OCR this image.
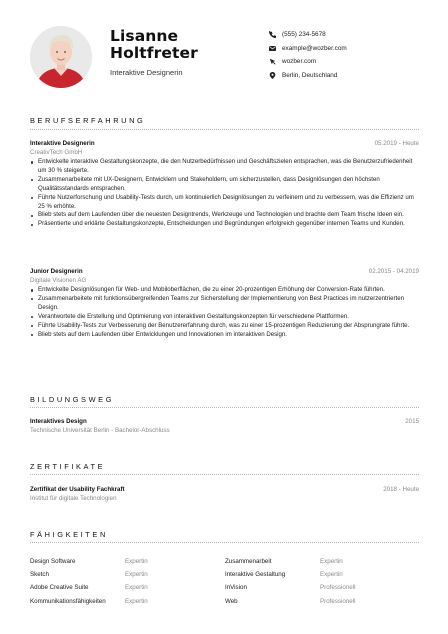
Lisanne
Holtfreter
Interaktive Designerin
(555) 234-5678
example@wozber.com
wozber.com
Berlin, Deutschland
BERUFSERFAHRUNG
Interaktive Designerin	05.2019 - Heute
CreativTech GmbH
Entwickelte interaktive Gestaltungskonzepte, die den Nutzerbedürfnissen und Geschäftszielen entsprachen, was die Benutzerzufriedenheit um 30 % steigerte.
Zusammenarbeitete mit UX-Designern, Entwicklern und Stakeholdern, um sicherzustellen, dass Designlösungen den höchsten Qualitätsstandards entsprachen.
Führte Nutzerforschung und Usability-Tests durch, um kontinuierlich Designlösungen zu verfeinern und zu verbessern, was die Effizienz um 25 % erhöhte.
Blieb stets auf dem Laufenden über die neuesten Designtrends, Werkzeuge und Technologien und brachte dem Team frische Ideen ein.
Präsentierte und erklärte Gestaltungskonzepte, Entscheidungen und Begründungen erfolgreich gegenüber internen Teams und Kunden.
Junior Designerin	02.2015 - 04.2019
Digitale Visionen AG
Entwickelte Designlösungen für Web- und Mobiloberflächen, die zu einer 20-prozentigen Erhöhung der Conversion-Rate führten.
Zusammenarbeitete mit funktionsübergreifenden Teams zur Sicherstellung der Implementierung von Best Practices im nutzerzentrierten Design.
Verantwortete die Erstellung und Optimierung von interaktiven Gestaltungskonzepten für verschiedene Plattformen.
Führte Usability-Tests zur Verbesserung der Benutzererfahrung durch, was zu einer 15-prozentigen Reduzierung der Absprungrate führte.
Blieb stets auf dem Laufenden über Entwicklungen und Innovationen im interaktiven Design.
BILDUNGSWEG
Interaktives Design	2015
Technische Universität Berlin - Bachelor-Abschluss
ZERTIFIKATE
Zertifikat der Usability Fachkraft	2018 - Heute
Institut für digitale Technologien
FÄHIGKEITEN
Design Software	Expertin	Zusammenarbeit	Expertin
Sketch	Expertin	Interaktive Gestaltung	Expertin
Adobe Creative Suite	Expertin	InVision	Professionell
Kommunikationsfähigkeiten	Expertin	Web	Professionell
